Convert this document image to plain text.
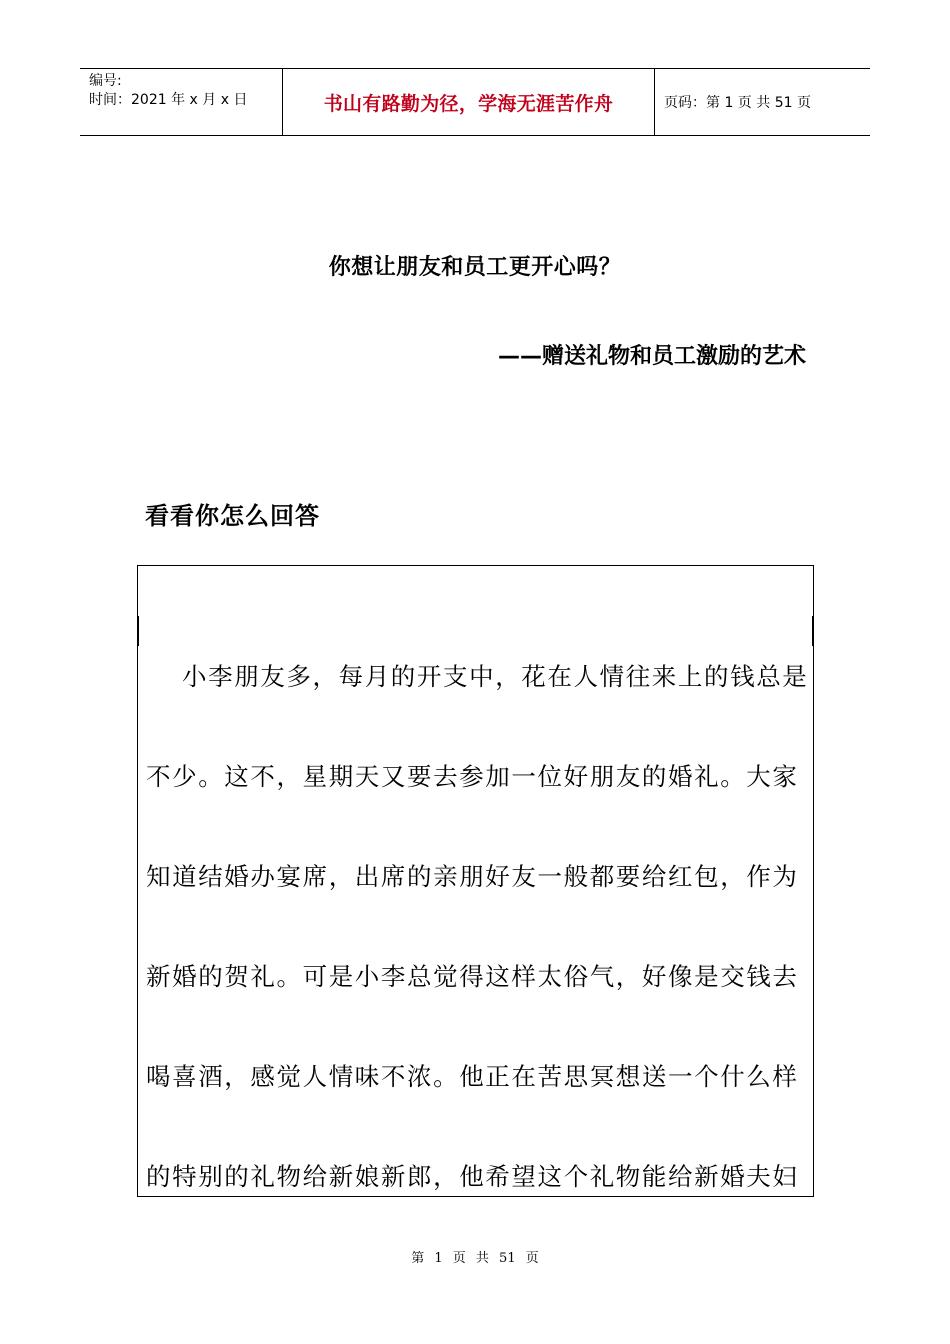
编号:
时间：2021 年 x 月 x 日	书山有路勤为径，学海无涯苦作舟	页码：第 1 页 共 51 页
你想让朋友和员工更开心吗？
——赠送礼物和员工激励的艺术
看看你怎么回答
小李朋友多，每月的开支中，花在人情往来上的钱总是
不少。这不，星期天又要去参加一位好朋友的婚礼。大家
知道结婚办宴席，出席的亲朋好友一般都要给红包，作为
新婚的贺礼。可是小李总觉得这样太俗气，好像是交钱去
喝喜酒，感觉人情味不浓。他正在苦思冥想送一个什么样
的特别的礼物给新娘新郎，他希望这个礼物能给新婚夫妇
第 1 页 共 51 页
